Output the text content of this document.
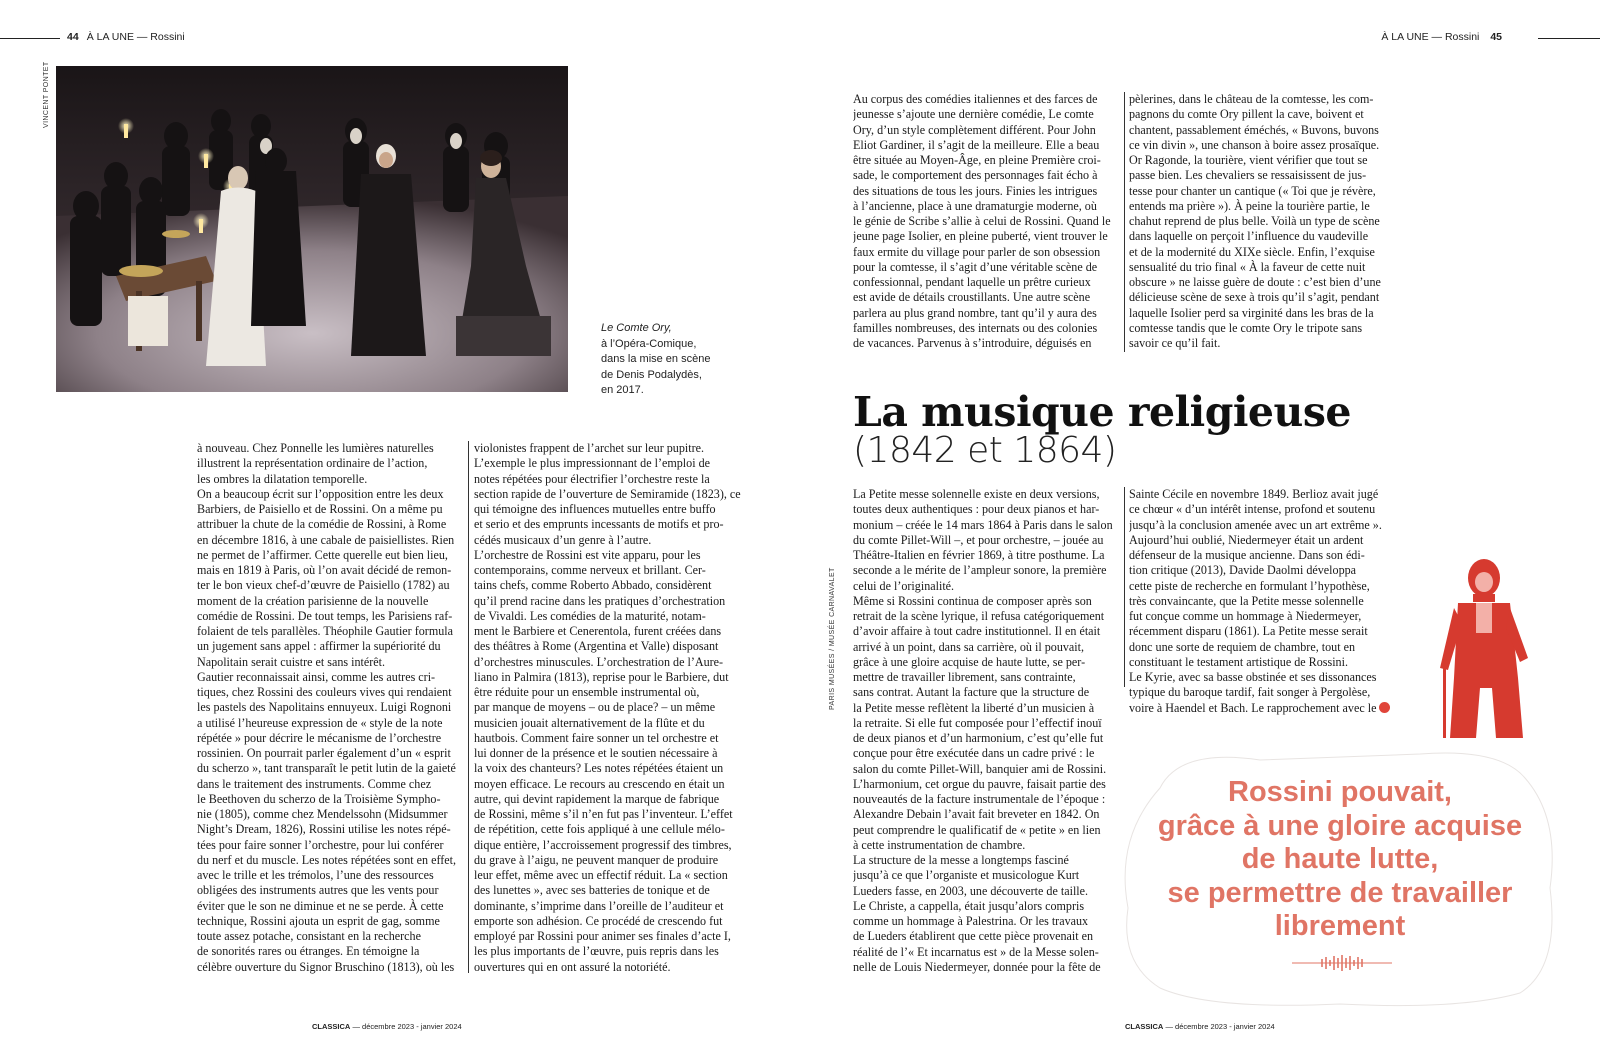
44 À LA UNE — Rossini	À LA UNE — Rossini 45
VINCENT PONTET
Le Comte Ory,
à l’Opéra-Comique,
dans la mise en scène
de Denis Podalydès,
en 2017.
à nouveau. Chez Ponnelle les lumières naturelles
illustrent la représentation ordinaire de l’action,
les ombres la dilatation temporelle.
On a beaucoup écrit sur l’opposition entre les deux
Barbiers, de Paisiello et de Rossini. On a même pu
attribuer la chute de la comédie de Rossini, à Rome
en décembre 1816, à une cabale de paisiellistes. Rien
ne permet de l’affirmer. Cette querelle eut bien lieu,
mais en 1819 à Paris, où l’on avait décidé de remon-
ter le bon vieux chef-d’œuvre de Paisiello (1782) au
moment de la création parisienne de la nouvelle
comédie de Rossini. De tout temps, les Parisiens raf-
folaient de tels parallèles. Théophile Gautier formula
un jugement sans appel : affirmer la supériorité du
Napolitain serait cuistre et sans intérêt.
Gautier reconnaissait ainsi, comme les autres cri-
tiques, chez Rossini des couleurs vives qui rendaient
les pastels des Napolitains ennuyeux. Luigi Rognoni
a utilisé l’heureuse expression de « style de la note
répétée » pour décrire le mécanisme de l’orchestre
rossinien. On pourrait parler également d’un « esprit
du scherzo », tant transparaît le petit lutin de la gaieté
dans le traitement des instruments. Comme chez
le Beethoven du scherzo de la Troisième Sympho-
nie (1805), comme chez Mendelssohn (Midsummer
Night’s Dream, 1826), Rossini utilise les notes répé-
tées pour faire sonner l’orchestre, pour lui conférer
du nerf et du muscle. Les notes répétées sont en effet,
avec le trille et les trémolos, l’une des ressources
obligées des instruments autres que les vents pour
éviter que le son ne diminue et ne se perde. À cette
technique, Rossini ajouta un esprit de gag, somme
toute assez potache, consistant en la recherche
de sonorités rares ou étranges. En témoigne la
célèbre ouverture du Signor Bruschino (1813), où les
violonistes frappent de l’archet sur leur pupitre.
L’exemple le plus impressionnant de l’emploi de
notes répétées pour électrifier l’orchestre reste la
section rapide de l’ouverture de Semiramide (1823), ce
qui témoigne des influences mutuelles entre buffo
et serio et des emprunts incessants de motifs et pro-
cédés musicaux d’un genre à l’autre.
L’orchestre de Rossini est vite apparu, pour les
contemporains, comme nerveux et brillant. Cer-
tains chefs, comme Roberto Abbado, considèrent
qu’il prend racine dans les pratiques d’orchestration
de Vivaldi. Les comédies de la maturité, notam-
ment le Barbiere et Cenerentola, furent créées dans
des théâtres à Rome (Argentina et Valle) disposant
d’orchestres minuscules. L’orchestration de l’Aure-
liano in Palmira (1813), reprise pour le Barbiere, dut
être réduite pour un ensemble instrumental où,
par manque de moyens – ou de place? – un même
musicien jouait alternativement de la flûte et du
hautbois. Comment faire sonner un tel orchestre et
lui donner de la présence et le soutien nécessaire à
la voix des chanteurs? Les notes répétées étaient un
moyen efficace. Le recours au crescendo en était un
autre, qui devint rapidement la marque de fabrique
de Rossini, même s’il n’en fut pas l’inventeur. L’effet
de répétition, cette fois appliqué à une cellule mélo-
dique entière, l’accroissement progressif des timbres,
du grave à l’aigu, ne peuvent manquer de produire
leur effet, même avec un effectif réduit. La « section
des lunettes », avec ses batteries de tonique et de
dominante, s’imprime dans l’oreille de l’auditeur et
emporte son adhésion. Ce procédé de crescendo fut
employé par Rossini pour animer ses finales d’acte I,
les plus importants de l’œuvre, puis repris dans les
ouvertures qui en ont assuré la notoriété.
Au corpus des comédies italiennes et des farces de
jeunesse s’ajoute une dernière comédie, Le comte
Ory, d’un style complètement différent. Pour John
Eliot Gardiner, il s’agit de la meilleure. Elle a beau
être située au Moyen-Âge, en pleine Première croi-
sade, le comportement des personnages fait écho à
des situations de tous les jours. Finies les intrigues
à l’ancienne, place à une dramaturgie moderne, où
le génie de Scribe s’allie à celui de Rossini. Quand le
jeune page Isolier, en pleine puberté, vient trouver le
faux ermite du village pour parler de son obsession
pour la comtesse, il s’agit d’une véritable scène de
confessionnal, pendant laquelle un prêtre curieux
est avide de détails croustillants. Une autre scène
parlera au plus grand nombre, tant qu’il y aura des
familles nombreuses, des internats ou des colonies
de vacances. Parvenus à s’introduire, déguisés en
pèlerines, dans le château de la comtesse, les com-
pagnons du comte Ory pillent la cave, boivent et
chantent, passablement éméchés, « Buvons, buvons
ce vin divin », une chanson à boire assez prosaïque.
Or Ragonde, la tourière, vient vérifier que tout se
passe bien. Les chevaliers se ressaisissent de jus-
tesse pour chanter un cantique (« Toi que je révère,
entends ma prière »). À peine la tourière partie, le
chahut reprend de plus belle. Voilà un type de scène
dans laquelle on perçoit l’influence du vaudeville
et de la modernité du XIXe siècle. Enfin, l’exquise
sensualité du trio final « À la faveur de cette nuit
obscure » ne laisse guère de doute : c’est bien d’une
délicieuse scène de sexe à trois qu’il s’agit, pendant
laquelle Isolier perd sa virginité dans les bras de la
comtesse tandis que le comte Ory le tripote sans
savoir ce qu’il fait.
La musique religieuse
(1842 et 1864)
PARIS MUSÉES / MUSÉE CARNAVALET
La Petite messe solennelle existe en deux versions,
toutes deux authentiques : pour deux pianos et har-
monium – créée le 14 mars 1864 à Paris dans le salon
du comte Pillet-Will –, et pour orchestre, – jouée au
Théâtre-Italien en février 1869, à titre posthume. La
seconde a le mérite de l’ampleur sonore, la première
celui de l’originalité.
Même si Rossini continua de composer après son
retrait de la scène lyrique, il refusa catégoriquement
d’avoir affaire à tout cadre institutionnel. Il en était
arrivé à un point, dans sa carrière, où il pouvait,
grâce à une gloire acquise de haute lutte, se per-
mettre de travailler librement, sans contrainte,
sans contrat. Autant la facture que la structure de
la Petite messe reflètent la liberté d’un musicien à
la retraite. Si elle fut composée pour l’effectif inouï
de deux pianos et d’un harmonium, c’est qu’elle fut
conçue pour être exécutée dans un cadre privé : le
salon du comte Pillet-Will, banquier ami de Rossini.
L’harmonium, cet orgue du pauvre, faisait partie des
nouveautés de la facture instrumentale de l’époque :
Alexandre Debain l’avait fait breveter en 1842. On
peut comprendre le qualificatif de « petite » en lien
à cette instrumentation de chambre.
La structure de la messe a longtemps fasciné
jusqu’à ce que l’organiste et musicologue Kurt
Lueders fasse, en 2003, une découverte de taille.
Le Christe, a cappella, était jusqu’alors compris
comme un hommage à Palestrina. Or les travaux
de Lueders établirent que cette pièce provenait en
réalité de l’« Et incarnatus est » de la Messe solen-
nelle de Louis Niedermeyer, donnée pour la fête de
Sainte Cécile en novembre 1849. Berlioz avait jugé
ce chœur « d’un intérêt intense, profond et soutenu
jusqu’à la conclusion amenée avec un art extrême ».
Aujourd’hui oublié, Niedermeyer était un ardent
défenseur de la musique ancienne. Dans son édi-
tion critique (2013), Davide Daolmi développa
cette piste de recherche en formulant l’hypothèse,
très convaincante, que la Petite messe solennelle
fut conçue comme un hommage à Niedermeyer,
récemment disparu (1861). La Petite messe serait
donc une sorte de requiem de chambre, tout en
constituant le testament artistique de Rossini.
Le Kyrie, avec sa basse obstinée et ses dissonances
typique du baroque tardif, fait songer à Pergolèse,
voire à Haendel et Bach. Le rapprochement avec le
Rossini pouvait,
grâce à une gloire acquise
de haute lutte,
se permettre de travailler
librement
CLASSICA — décembre 2023 - janvier 2024	CLASSICA — décembre 2023 - janvier 2024
